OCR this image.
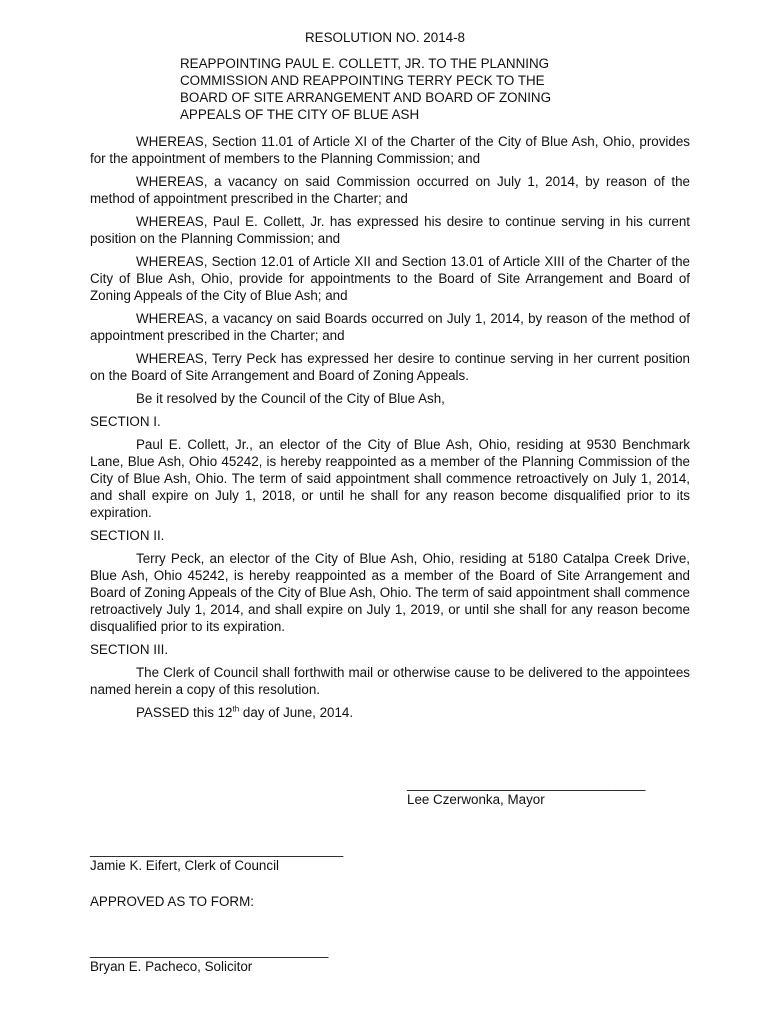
RESOLUTION NO. 2014-8
REAPPOINTING PAUL E. COLLETT, JR. TO THE PLANNING
COMMISSION AND REAPPOINTING TERRY PECK TO THE
BOARD OF SITE ARRANGEMENT AND BOARD OF ZONING
APPEALS OF THE CITY OF BLUE ASH

WHEREAS, Section 11.01 of Article XI of the Charter of the City of Blue Ash, Ohio, provides for the appointment of members to the Planning Commission; and

WHEREAS, a vacancy on said Commission occurred on July 1, 2014, by reason of the method of appointment prescribed in the Charter; and

WHEREAS, Paul E. Collett, Jr. has expressed his desire to continue serving in his current position on the Planning Commission; and

WHEREAS, Section 12.01 of Article XII and Section 13.01 of Article XIII of the Charter of the City of Blue Ash, Ohio, provide for appointments to the Board of Site Arrangement and Board of Zoning Appeals of the City of Blue Ash; and

WHEREAS, a vacancy on said Boards occurred on July 1, 2014, by reason of the method of appointment prescribed in the Charter; and

WHEREAS, Terry Peck has expressed her desire to continue serving in her current position on the Board of Site Arrangement and Board of Zoning Appeals.

Be it resolved by the Council of the City of Blue Ash,

SECTION I.

Paul E. Collett, Jr., an elector of the City of Blue Ash, Ohio, residing at 9530 Benchmark Lane, Blue Ash, Ohio 45242, is hereby reappointed as a member of the Planning Commission of the City of Blue Ash, Ohio. The term of said appointment shall commence retroactively on July 1, 2014, and shall expire on July 1, 2018, or until he shall for any reason become disqualified prior to its expiration.

SECTION II.

Terry Peck, an elector of the City of Blue Ash, Ohio, residing at 5180 Catalpa Creek Drive, Blue Ash, Ohio 45242, is hereby reappointed as a member of the Board of Site Arrangement and Board of Zoning Appeals of the City of Blue Ash, Ohio. The term of said appointment shall commence retroactively July 1, 2014, and shall expire on July 1, 2019, or until she shall for any reason become disqualified prior to its expiration.

SECTION III.

The Clerk of Council shall forthwith mail or otherwise cause to be delivered to the appointees named herein a copy of this resolution.

PASSED this 12th day of June, 2014.

________________________________
Lee Czerwonka, Mayor
__________________________________
Jamie K. Eifert, Clerk of Council
APPROVED AS TO FORM:
________________________________
Bryan E. Pacheco, Solicitor
